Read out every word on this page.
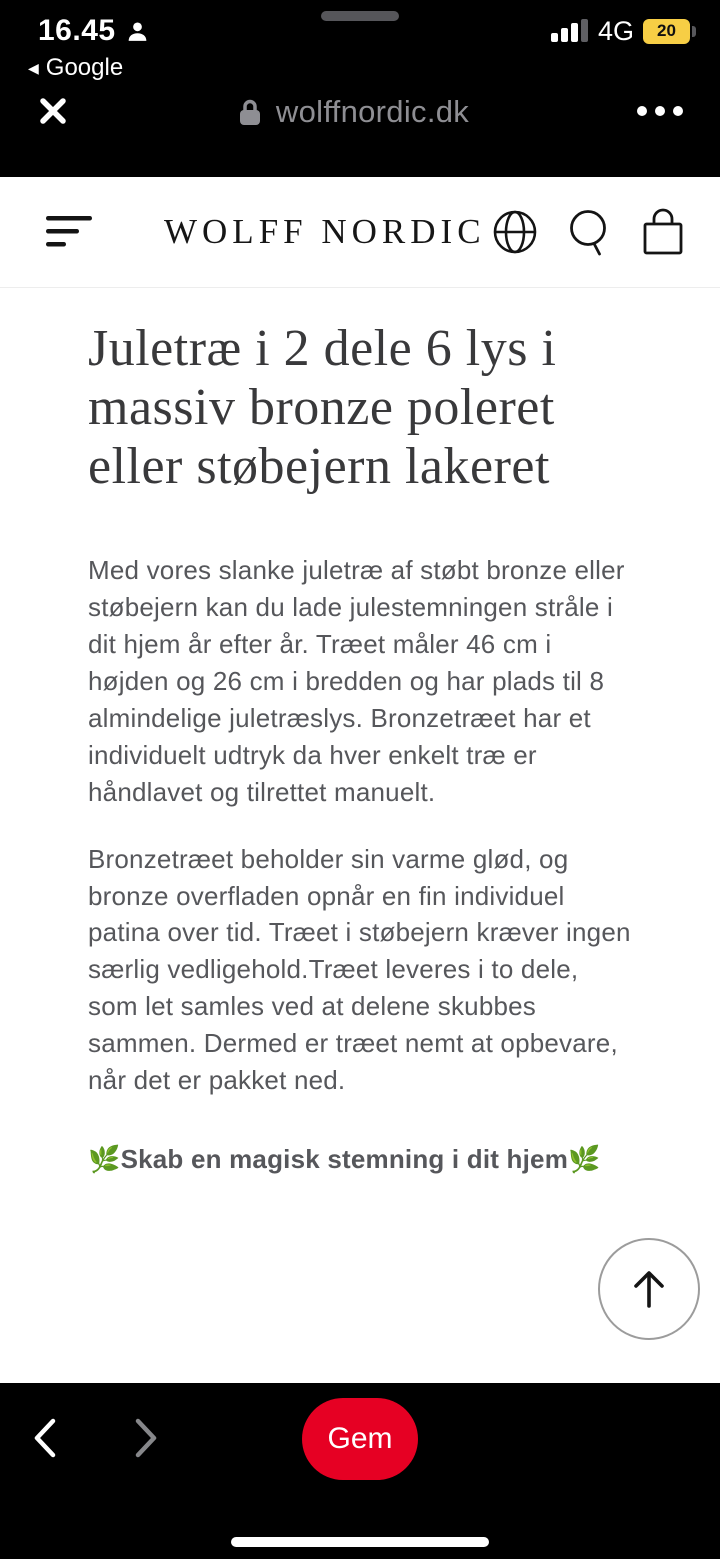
16.45	4G 20
◀ Google
wolffnordic.dk
WOLFF NORDIC
Juletræ i 2 dele 6 lys i massiv bronze poleret eller støbejern lakeret

Med vores slanke juletræ af støbt bronze eller støbejern kan du lade julestemningen stråle i dit hjem år efter år. Træet måler 46 cm i højden og 26 cm i bredden og har plads til 8 almindelige juletræslys. Bronzetræet har et individuelt udtryk da hver enkelt træ er håndlavet og tilrettet manuelt.

Bronzetræet beholder sin varme glød, og bronze overfladen opnår en fin individuel patina over tid. Træet i støbejern kræver ingen særlig vedligehold.Træet leveres i to dele, som let samles ved at delene skubbes sammen. Dermed er træet nemt at opbevare, når det er pakket ned.

🌿Skab en magisk stemning i dit hjem🌿

Gem
